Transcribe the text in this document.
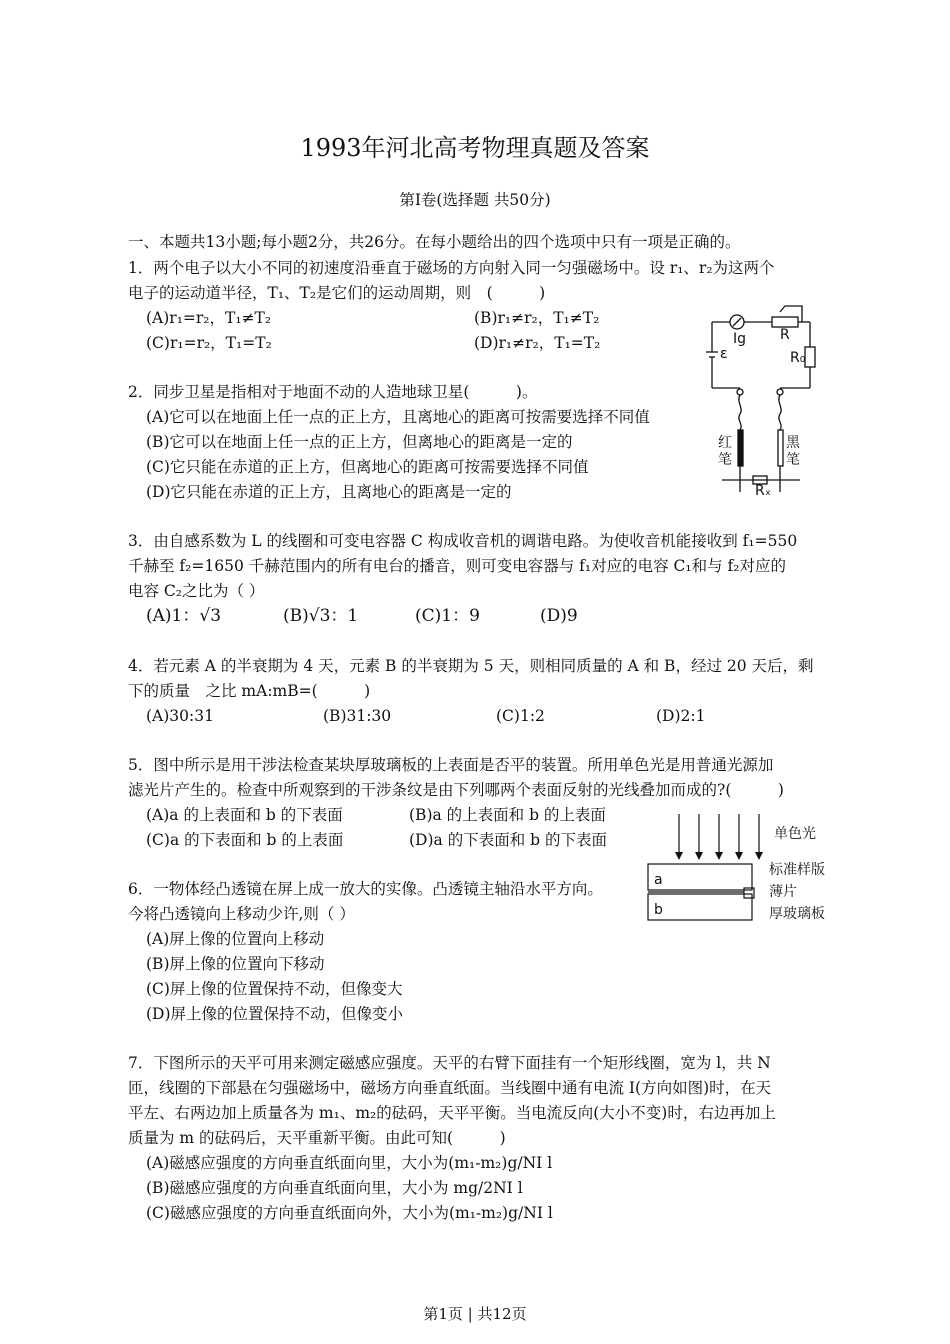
1993年河北高考物理真题及答案
第Ⅰ卷(选择题 共50分)
一、本题共13小题;每小题2分，共26分。在每小题给出的四个选项中只有一项是正确的。
1．两个电子以大小不同的初速度沿垂直于磁场的方向射入同一匀强磁场中。设 r₁、r₂为这两个
电子的运动道半径，T₁、T₂是它们的运动周期，则　(　　　)
(A)r₁=r₂，T₁≠T₂	(B)r₁≠r₂，T₁≠T₂
(C)r₁=r₂，T₁=T₂	(D)r₁≠r₂，T₁=T₂	Ig R
R₀
ε
红
笔
黑
笔
Rₓ
2．同步卫星是指相对于地面不动的人造地球卫星(　　　)。
(A)它可以在地面上任一点的正上方，且离地心的距离可按需要选择不同值
(B)它可以在地面上任一点的正上方，但离地心的距离是一定的
(C)它只能在赤道的正上方，但离地心的距离可按需要选择不同值
(D)它只能在赤道的正上方，且离地心的距离是一定的
3．由自感系数为 L 的线圈和可变电容器 C 构成收音机的调谐电路。为使收音机能接收到 f₁=550
千赫至 f₂=1650 千赫范围内的所有电台的播音，则可变电容器与 f₁对应的电容 C₁和与 f₂对应的
电容 C₂之比为（ ）
(A)1：√3	(B)√3：1	(C)1：9	(D)9
4．若元素 A 的半衰期为 4 天，元素 B 的半衰期为 5 天，则相同质量的 A 和 B，经过 20 天后，剩
下的质量　之比 mA:mB=(　　　)
(A)30:31	(B)31:30	(C)1:2	(D)2:1
5．图中所示是用干涉法检查某块厚玻璃板的上表面是否平的装置。所用单色光是用普通光源加
滤光片产生的。检查中所观察到的干涉条纹是由下列哪两个表面反射的光线叠加而成的?(　　　)
(A)a 的上表面和 b 的下表面	(B)a 的上表面和 b 的上表面
(C)a 的下表面和 b 的上表面	(D)a 的下表面和 b 的下表面
a
b
单色光
标准样版
薄片
厚玻璃板
6．一物体经凸透镜在屏上成一放大的实像。凸透镜主轴沿水平方向。
今将凸透镜向上移动少许,则（ ）
(A)屏上像的位置向上移动
(B)屏上像的位置向下移动
(C)屏上像的位置保持不动，但像变大
(D)屏上像的位置保持不动，但像变小
7．下图所示的天平可用来测定磁感应强度。天平的右臂下面挂有一个矩形线圈，宽为 l，共 N
匝，线圈的下部悬在匀强磁场中，磁场方向垂直纸面。当线圈中通有电流 I(方向如图)时，在天
平左、右两边加上质量各为 m₁、m₂的砝码，天平平衡。当电流反向(大小不变)时，右边再加上
质量为 m 的砝码后，天平重新平衡。由此可知(　　　)
(A)磁感应强度的方向垂直纸面向里，大小为(m₁-m₂)g/NI l
(B)磁感应强度的方向垂直纸面向里，大小为 mg/2NI l
(C)磁感应强度的方向垂直纸面向外，大小为(m₁-m₂)g/NI l
第1页 | 共12页
